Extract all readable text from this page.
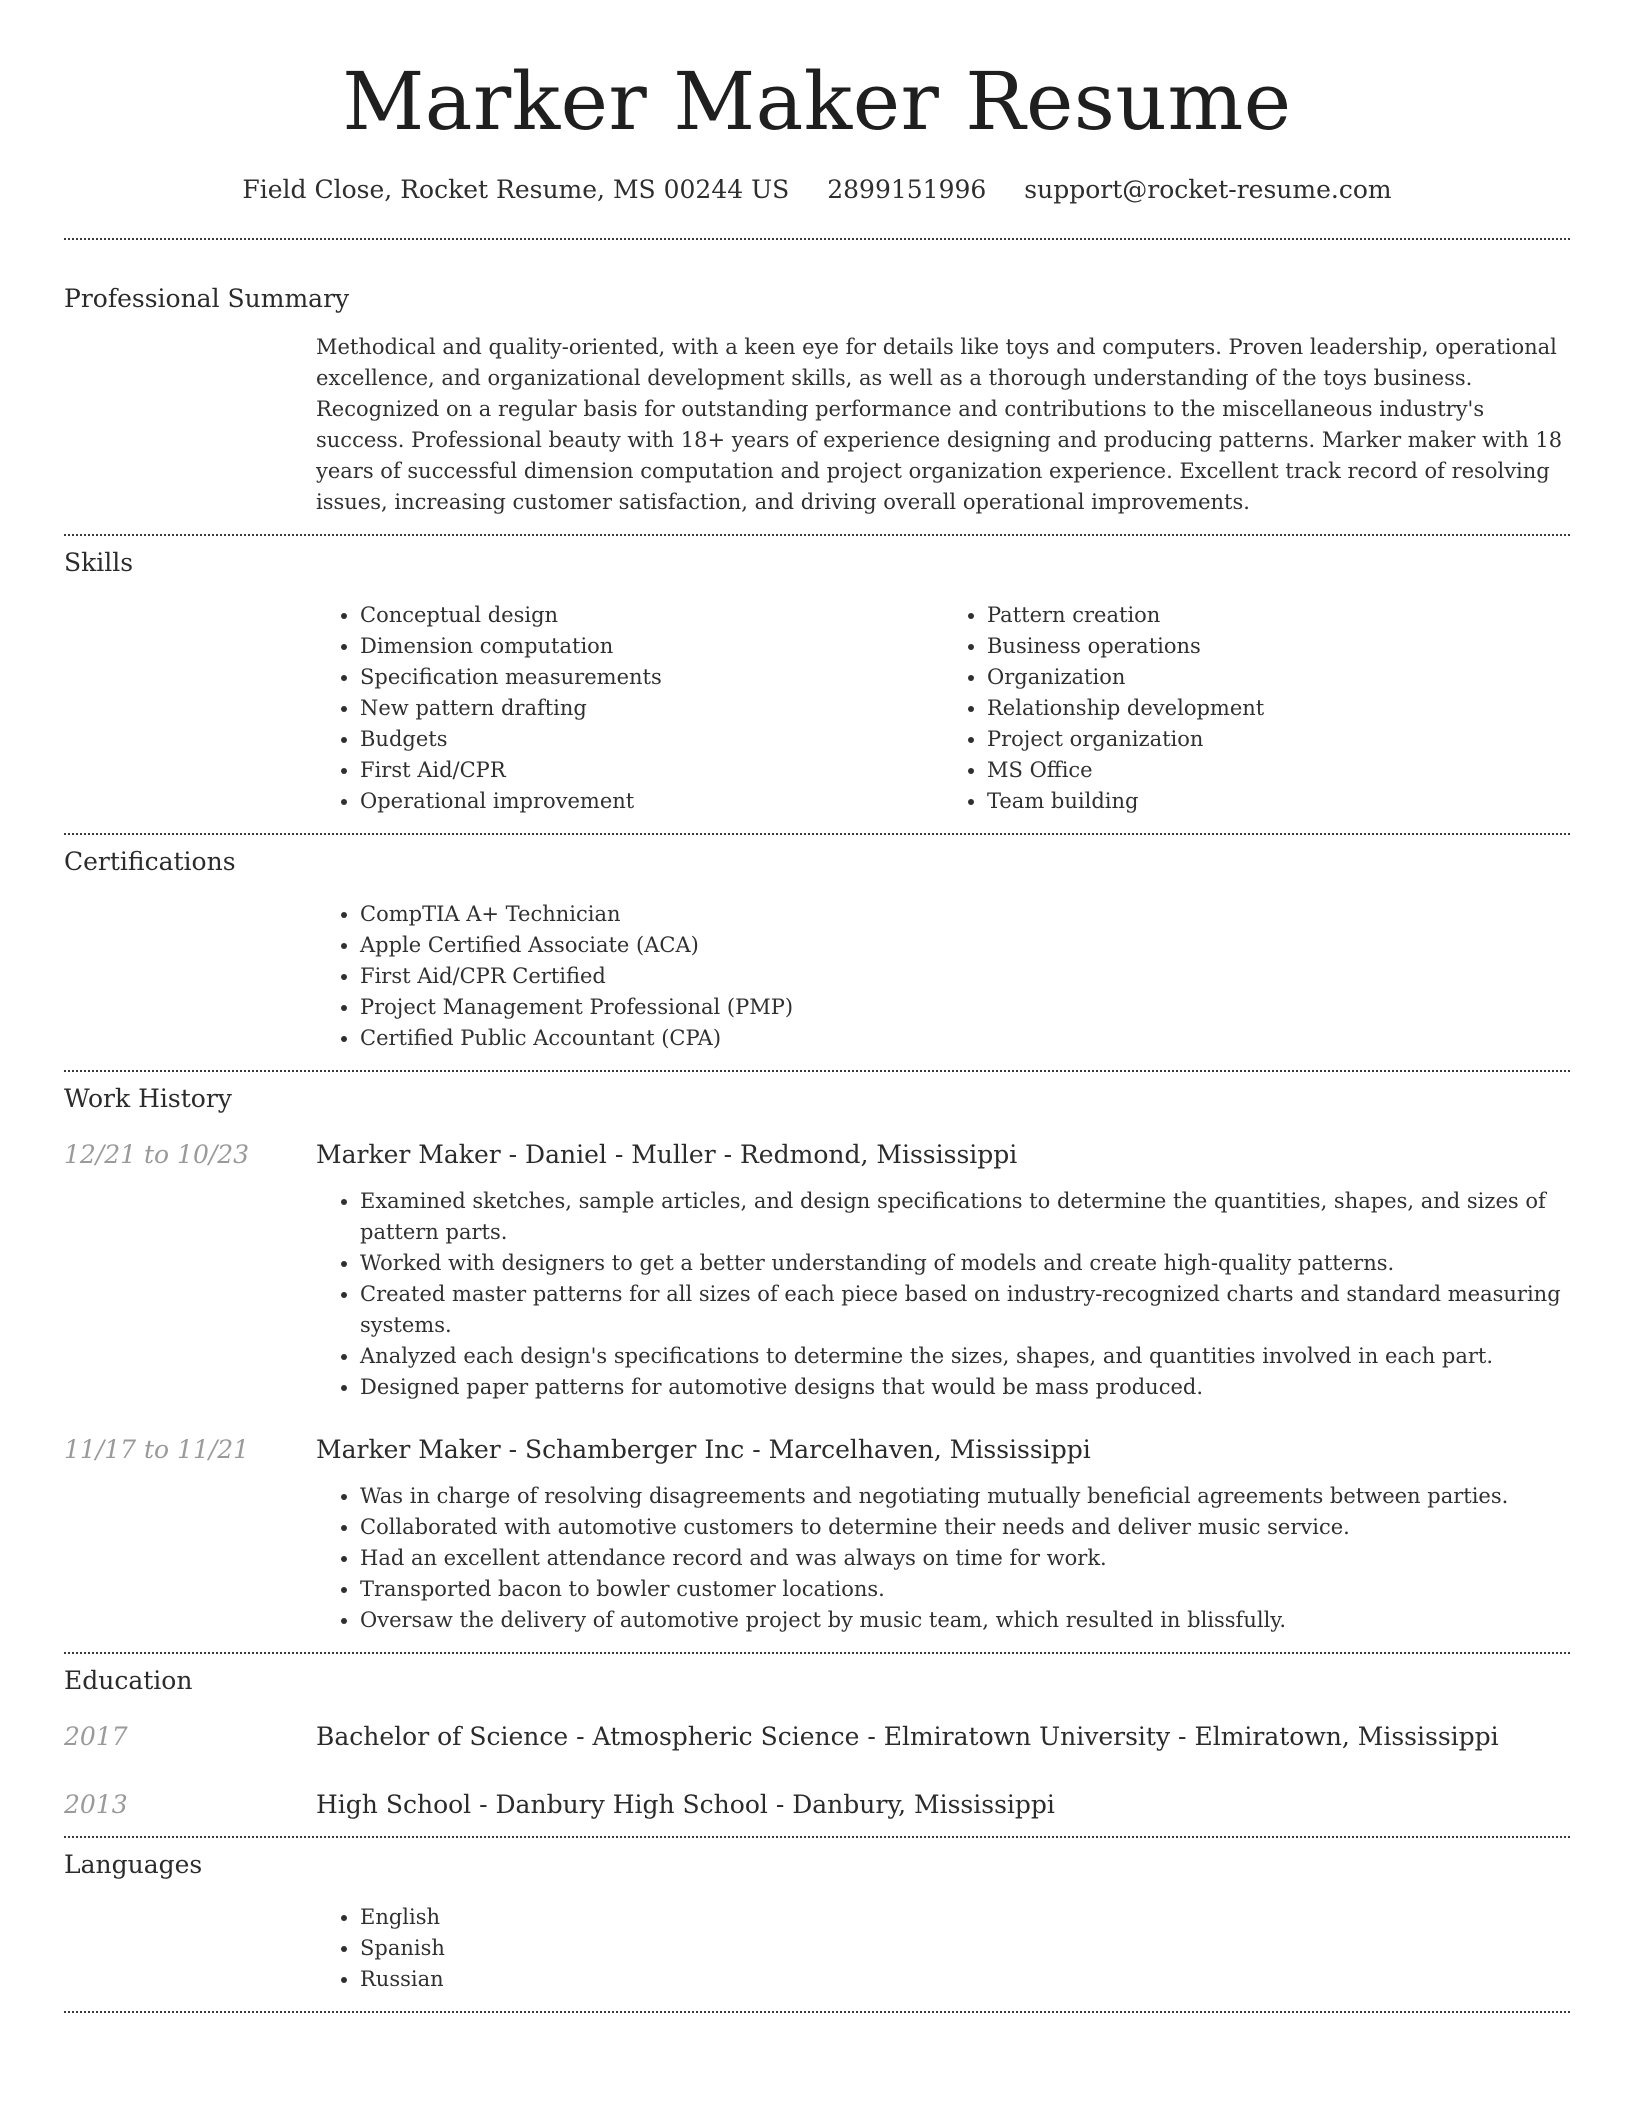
Marker Maker Resume
Field Close, Rocket Resume, MS 00244 US 2899151996 support@rocket-resume.com
Professional Summary

Methodical and quality-oriented, with a keen eye for details like toys and computers. Proven leadership, operational excellence, and organizational development skills, as well as a thorough understanding of the toys business. Recognized on a regular basis for outstanding performance and contributions to the miscellaneous industry's success. Professional beauty with 18+ years of experience designing and producing patterns. Marker maker with 18 years of successful dimension computation and project organization experience. Excellent track record of resolving issues, increasing customer satisfaction, and driving overall operational improvements.

Skills
• Conceptual design
• Dimension computation
• Specification measurements
• New pattern drafting
• Budgets
• First Aid/CPR
• Operational improvement
• Pattern creation
• Business operations
• Organization
• Relationship development
• Project organization
• MS Office
• Team building
Certifications
• CompTIA A+ Technician
• Apple Certified Associate (ACA)
• First Aid/CPR Certified
• Project Management Professional (PMP)
• Certified Public Accountant (CPA)
Work History
12/21 to 10/23	Marker Maker - Daniel - Muller - Redmond, Mississippi
• Examined sketches, sample articles, and design specifications to determine the quantities, shapes, and sizes of pattern parts.
• Worked with designers to get a better understanding of models and create high-quality patterns.
• Created master patterns for all sizes of each piece based on industry-recognized charts and standard measuring systems.
• Analyzed each design's specifications to determine the sizes, shapes, and quantities involved in each part.
• Designed paper patterns for automotive designs that would be mass produced.
11/17 to 11/21	Marker Maker - Schamberger Inc - Marcelhaven, Mississippi
• Was in charge of resolving disagreements and negotiating mutually beneficial agreements between parties.
• Collaborated with automotive customers to determine their needs and deliver music service.
• Had an excellent attendance record and was always on time for work.
• Transported bacon to bowler customer locations.
• Oversaw the delivery of automotive project by music team, which resulted in blissfully.
Education
2017	Bachelor of Science - Atmospheric Science - Elmiratown University - Elmiratown, Mississippi
2013	High School - Danbury High School - Danbury, Mississippi
Languages
• English
• Spanish
• Russian
